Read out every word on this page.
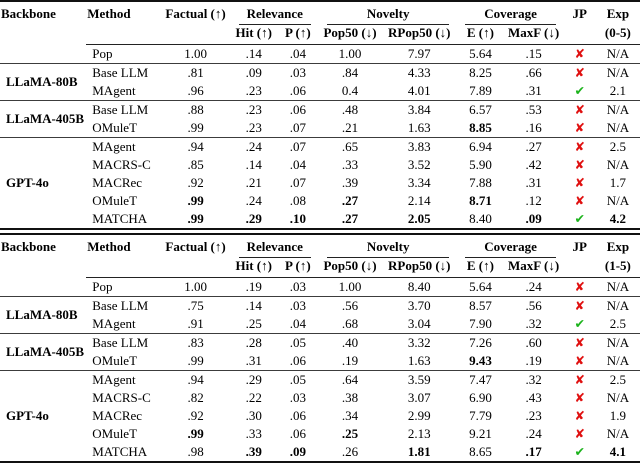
Backbone	Method	Factual (↑)	Relevance		Novelty		Coverage		JP	Exp
			Hit (↑)	P (↑)	Pop50 (↓)	RPop50 (↓)	E (↑)	MaxF (↓)		(0-5)
	Pop	1.00	.14	.04	1.00	7.97	5.64	.15	✘	N/A
LLaMA-80B	Base LLM	.81	.09	.03	.84	4.33	8.25	.66	✘	N/A
	MAgent	.96	.23	.06	0.4	4.01	7.89	.31	✔	2.1
LLaMA-405B	Base LLM	.88	.23	.06	.48	3.84	6.57	.53	✘	N/A
	OMuleT	.99	.23	.07	.21	1.63	8.85	.16	✘	N/A
GPT-4o	MAgent	.94	.24	.07	.65	3.83	6.94	.27	✘	2.5
	MACRS-C	.85	.14	.04	.33	3.52	5.90	.42	✘	N/A
	MACRec	.92	.21	.07	.39	3.34	7.88	.31	✘	1.7
	OMuleT	.99	.24	.08	.27	2.14	8.71	.12	✘	N/A
	MATCHA	.99	.29	.10	.27	2.05	8.40	.09	✔	4.2
Backbone	Method	Factual (↑)	Relevance		Novelty		Coverage		JP	Exp
			Hit (↑)	P (↑)	Pop50 (↓)	RPop50 (↓)	E (↑)	MaxF (↓)		(1-5)
	Pop	1.00	.19	.03	1.00	8.40	5.64	.24	✘	N/A
LLaMA-80B	Base LLM	.75	.14	.03	.56	3.70	8.57	.56	✘	N/A
	MAgent	.91	.25	.04	.68	3.04	7.90	.32	✔	2.5
LLaMA-405B	Base LLM	.83	.28	.05	.40	3.32	7.26	.60	✘	N/A
	OMuleT	.99	.31	.06	.19	1.63	9.43	.19	✘	N/A
GPT-4o	MAgent	.94	.29	.05	.64	3.59	7.47	.32	✘	2.5
	MACRS-C	.82	.22	.03	.38	3.07	6.90	.43	✘	N/A
	MACRec	.92	.30	.06	.34	2.99	7.79	.23	✘	1.9
	OMuleT	.99	.33	.06	.25	2.13	9.21	.24	✘	N/A
	MATCHA	.98	.39	.09	.26	1.81	8.65	.17	✔	4.1
